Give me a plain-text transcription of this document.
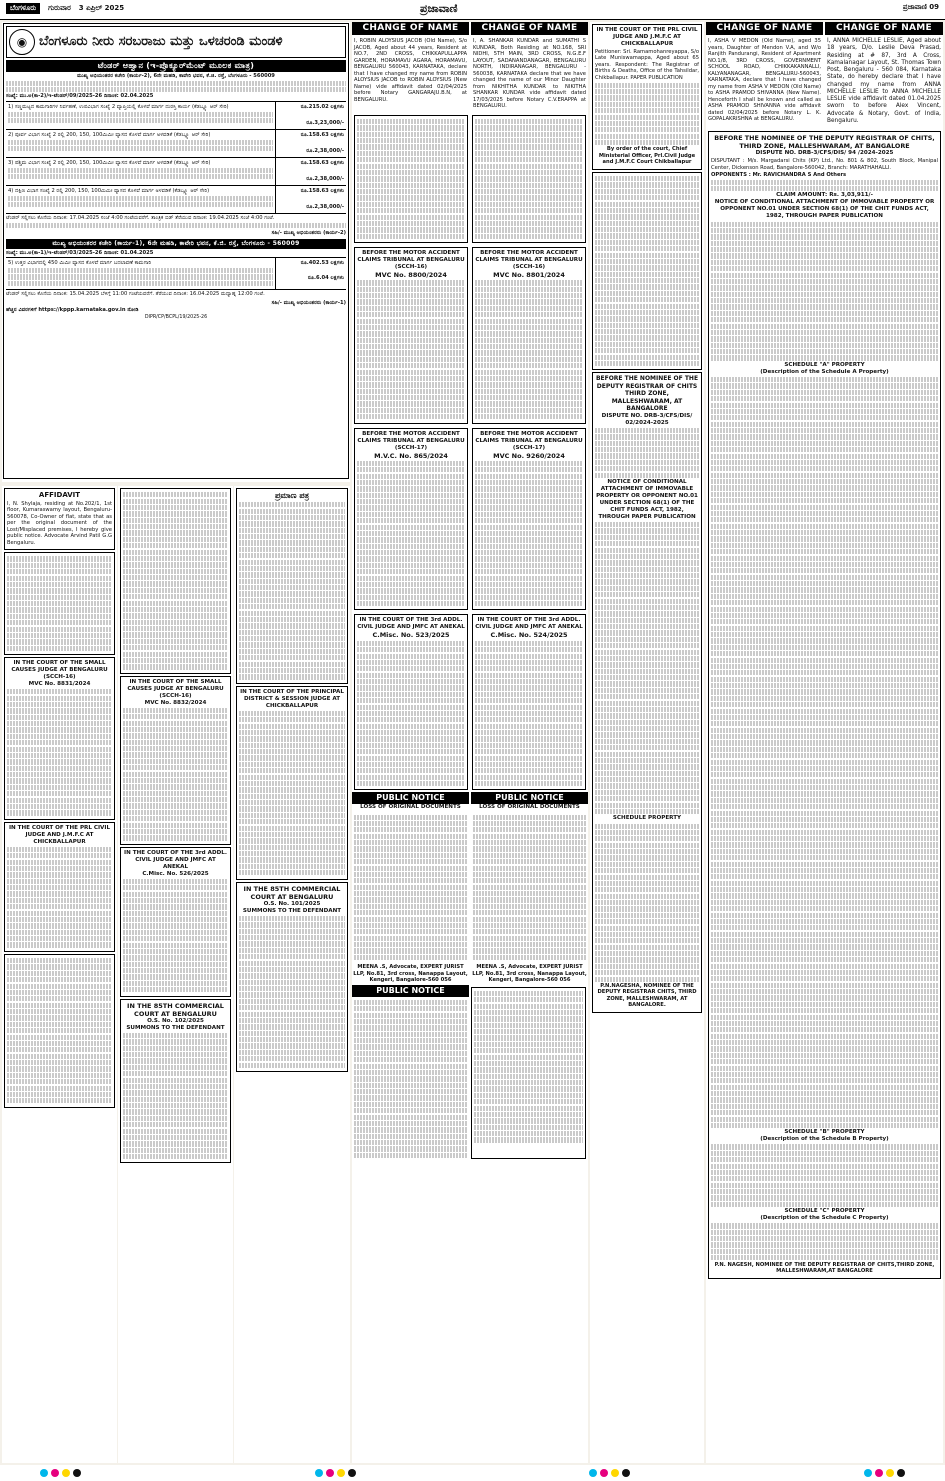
ಬೆಂಗಳೂರು	ಗುರುವಾರ 3 ಏಪ್ರಿಲ್ 2025	ಪ್ರಜಾವಾಣಿ	ಪ್ರಜಾವಾಣಿ 09
◉ ಬೆಂಗಳೂರು ನೀರು ಸರಬರಾಜು ಮತ್ತು ಒಳಚರಂಡಿ ಮಂಡಳಿ
ಟೆಂಡರ್ ಆಹ್ವಾನ (ಇ-ಪ್ರೊಕ್ಯೂರ್‌ಮೆಂಟ್ ಮೂಲಕ ಮಾತ್ರ)
ಮುಖ್ಯ ಅಭಿಯಂತರರ ಕಚೇರಿ (ಕಾರ್ಯ-2), 6ನೇ ಮಹಡಿ, ಕಾವೇರಿ ಭವನ, ಕೆ.ಜಿ. ರಸ್ತೆ, ಬೆಂಗಳೂರು - 560009
ಸಂಖ್ಯೆ: ಮು.ಅ(ಕಾ-2)/ಇ-ಟೆಂಡರ್/09/2025-26 ದಿನಾಂಕ: 02.04.2025
1) ಸಣ್ಣಮಟ್ಟದ ಕಾಮಗಾರಿಗಳ ನಿರ್ವಹಣೆ, ಉಪವಿಭಾಗ ಸಂಖ್ಯೆ 2 ವ್ಯಾಪ್ತಿಯಲ್ಲಿ ಕೊಳವೆ ಮಾರ್ಗ ದುರಸ್ತಿ ಕಾರ್ಯ (ಕೆಡಬ್ಲ್ಯೂ ಆರ್ ಸೇರಿ)	ರೂ.215.02 ಲಕ್ಷಗಳು
ರೂ.3,23,000/-
2) ಪೂರ್ವ ವಿಭಾಗ ಸಂಖ್ಯೆ 2 ರಲ್ಲಿ 200, 150, 100ಮಿಮೀ ವ್ಯಾಸದ ಕೊಳವೆ ಮಾರ್ಗ ಅಳವಡಿಕೆ (ಕೆಡಬ್ಲ್ಯೂ ಆರ್ ಸೇರಿ)	ರೂ.158.63 ಲಕ್ಷಗಳು
ರೂ.2,38,000/-
3) ಪಶ್ಚಿಮ ವಿಭಾಗ ಸಂಖ್ಯೆ 2 ರಲ್ಲಿ 200, 150, 100ಮಿಮೀ ವ್ಯಾಸದ ಕೊಳವೆ ಮಾರ್ಗ ಅಳವಡಿಕೆ (ಕೆಡಬ್ಲ್ಯೂ ಆರ್ ಸೇರಿ)	ರೂ.158.63 ಲಕ್ಷಗಳು
ರೂ.2,38,000/-
4) ದಕ್ಷಿಣ ವಿಭಾಗ ಸಂಖ್ಯೆ 2 ರಲ್ಲಿ 200, 150, 100ಮಿಮೀ ವ್ಯಾಸದ ಕೊಳವೆ ಮಾರ್ಗ ಅಳವಡಿಕೆ (ಕೆಡಬ್ಲ್ಯೂ ಆರ್ ಸೇರಿ)	ರೂ.158.63 ಲಕ್ಷಗಳು
ರೂ.2,38,000/-
ಟೆಂಡರ್ ಸಲ್ಲಿಸಲು ಕೊನೆಯ ದಿನಾಂಕ: 17.04.2025 ಸಂಜೆ 4:00 ಗಂಟೆಯವರೆಗೆ. ತಾಂತ್ರಿಕ ಬಿಡ್ ತೆರೆಯುವ ದಿನಾಂಕ: 19.04.2025 ಸಂಜೆ 4:00 ಗಂಟೆ.
ಸಹಿ/- ಮುಖ್ಯ ಅಭಿಯಂತರರು (ಕಾರ್ಯ-2)
ಮುಖ್ಯ ಅಭಿಯಂತರರ ಕಚೇರಿ (ಕಾರ್ಯ-1), 6ನೇ ಮಹಡಿ, ಕಾವೇರಿ ಭವನ, ಕೆ.ಜಿ. ರಸ್ತೆ, ಬೆಂಗಳೂರು - 560009
ಸಂಖ್ಯೆ: ಮು.ಅ(ಕಾ-1)/ಇ-ಟೆಂಡರ್/03/2025-26 ದಿನಾಂಕ: 01.04.2025
5) ಉತ್ತರ ವಿಭಾಗದಲ್ಲಿ 450 ಮಿಮೀ ವ್ಯಾಸದ ಕೊಳವೆ ಮಾರ್ಗ ಬದಲಾವಣೆ ಕಾಮಗಾರಿ	ರೂ.402.53 ಲಕ್ಷಗಳು
ರೂ.6.04 ಲಕ್ಷಗಳು
ಟೆಂಡರ್ ಸಲ್ಲಿಸಲು ಕೊನೆಯ ದಿನಾಂಕ: 15.04.2025 ಬೆಳಿಗ್ಗೆ 11:00 ಗಂಟೆಯವರೆಗೆ. ತೆರೆಯುವ ದಿನಾಂಕ: 16.04.2025 ಮಧ್ಯಾಹ್ನ 12:00 ಗಂಟೆ.
ಸಹಿ/- ಮುಖ್ಯ ಅಭಿಯಂತರರು (ಕಾರ್ಯ-1)
ಹೆಚ್ಚಿನ ವಿವರಗಳಿಗೆ https://kppp.karnataka.gov.in ನೋಡಿ
DIPR/CP/BCPL/19/2025-26
AFFIDAVIT
I, N. Shylaja, residing at No.202/1, 1st floor, Kumaraswamy layout, Bengaluru-560078, Co-Owner of flat, state that as per the original document of the Lost/Misplaced premises, I hereby give public notice. Advocate Arvind Patil G.G Bengaluru.
IN THE COURT OF THE SMALL CAUSES JUDGE AT BENGALURU (SCCH-16)
MVC No. 8831/2024
IN THE COURT OF THE PRL CIVIL JUDGE AND J.M.F.C AT CHICKBALLAPUR
IN THE COURT OF THE SMALL CAUSES JUDGE AT BENGALURU (SCCH-16)
MVC No. 8832/2024
IN THE COURT OF THE 3rd ADDL. CIVIL JUDGE AND JMFC AT ANEKAL
C.Misc. No. 526/2025
IN THE 85TH COMMERCIAL COURT AT BENGALURU
O.S. No. 102/2025
SUMMONS TO THE DEFENDANT
ಪ್ರಮಾಣ ಪತ್ರ
IN THE COURT OF THE PRINCIPAL DISTRICT & SESSION JUDGE AT CHICKBALLAPUR
IN THE 85TH COMMERCIAL COURT AT BENGALURU
O.S. No. 101/2025
SUMMONS TO THE DEFENDANT
CHANGE OF NAME
I, ROBIN ALOYSIUS JACOB (Old Name), S/o JACOB, Aged about 44 years, Resident at NO.7, 2ND CROSS, CHIKKAPULLAPPA GARDEN, HORAMAVU AGARA, HORAMAVU, BENGALURU 560043, KARNATAKA, declare that I have changed my name from ROBIN ALOYSIUS JACOB to ROBIN ALOYSIUS (New Name) vide affidavit dated 02/04/2025 before Notary GANGARAJU.B.N, at BENGALURU.
CHANGE OF NAME
I, A. SHANKAR KUNDAR and SUMATHI S KUNDAR, Both Residing at NO.168, SRI NIDHI, 5TH MAIN, 3RD CROSS, N.G.E.F LAYOUT, SADANANDANAGAR, BENGALURU NORTH, INDIRANAGAR, BENGALURU - 560038, KARNATAKA declare that we have changed the name of our Minor Daughter from NIKHITHA KUNDAR to NIKITHA SHANKAR KUNDAR vide affidavit dated 17/03/2025 before Notary C.V.ERAPPA at BENGALURU.
BEFORE THE MOTOR ACCIDENT CLAIMS TRIBUNAL AT BENGALURU (SCCH-16)
MVC No. 8800/2024
BEFORE THE MOTOR ACCIDENT CLAIMS TRIBUNAL AT BENGALURU (SCCH-16)
MVC No. 8801/2024
BEFORE THE MOTOR ACCIDENT CLAIMS TRIBUNAL AT BENGALURU (SCCH-17)
M.V.C. No. 865/2024
BEFORE THE MOTOR ACCIDENT CLAIMS TRIBUNAL AT BENGALURU (SCCH-17)
MVC No. 9260/2024
IN THE COURT OF THE 3rd ADDL. CIVIL JUDGE AND JMFC AT ANEKAL
C.Misc. No. 523/2025
IN THE COURT OF THE 3rd ADDL. CIVIL JUDGE AND JMFC AT ANEKAL
C.Misc. No. 524/2025
PUBLIC NOTICE
LOSS OF ORIGINAL DOCUMENTS
MEENA .S, Advocate, EXPERT JURIST LLP, No.81, 3rd cross, Nanappa Layout, Kengeri, Bangalore-560 056
PUBLIC NOTICE
LOSS OF ORIGINAL DOCUMENTS
MEENA .S, Advocate, EXPERT JURIST LLP, No.81, 3rd cross, Nanappa Layout, Kengeri, Bangalore-560 056
PUBLIC NOTICE
IN THE COURT OF THE PRL CIVIL JUDGE AND J.M.F.C AT CHICKBALLAPUR
Petitioner: Sri. Ramamohanreyappa, S/o Late Muniswamappa, Aged about 65 years. Respondent: The Registrar of Births & Deaths, Office of the Tahsildar, Chikballapur. PAPER PUBLICATION
By order of the court, Chief Ministerial Officer, Prl.Civil Judge and J.M.F.C Court Chikballapur
BEFORE THE NOMINEE OF THE DEPUTY REGISTRAR OF CHITS THIRD ZONE, MALLESHWARAM, AT BANGALORE
DISPUTE NO. DRB-3/CFS/DIS/ 02/2024-2025
NOTICE OF CONDITIONAL ATTACHMENT OF IMMOVABLE PROPERTY OR OPPONENT NO.01 UNDER SECTION 68(1) OF THE CHIT FUNDS ACT, 1982, THROUGH PAPER PUBLICATION
SCHEDULE PROPERTY
P.N.NAGESHA, NOMINEE OF THE DEPUTY REGISTRAR CHITS, THIRD ZONE, MALLESHWARAM, AT BANGALORE.
CHANGE OF NAME
I, ASHA V MEDON (Old Name), aged 35 years, Daughter of Mendon V.A, and W/o Ranjith Pandurangi, Resident of Apartment NO.1/8, 3RD CROSS, GOVERNMENT SCHOOL ROAD, CHIKKAKANNALLI, KALYANANAGAR, BENGALURU-560043, KARNATAKA, declare that I have changed my name from ASHA V MEDON (Old Name) to ASHA PRAMOD SHIVANNA (New Name). Henceforth I shall be known and called as ASHA PRAMOD SHIVANNA vide affidavit dated 02/04/2025 before Notary L. K. GOPALAKRISHNA at BENGALURU.
CHANGE OF NAME
I, ANNA MICHELLE LESLIE, Aged about 18 years, D/o. Leslie Deva Prasad, Residing at # 87, 3rd A Cross, Kamalanagar Layout, St. Thomas Town Post, Bengaluru - 560 084, Karnataka State, do hereby declare that I have changed my name from ANNA MICHELLE LESLIE to ANNA MICHELLE LESLIE vide affidavit dated 01.04.2025 sworn to before Alex Vincent, Advocate & Notary, Govt. of India, Bengaluru.
BEFORE THE NOMINEE OF THE DEPUTY REGISTRAR OF CHITS, THIRD ZONE, MALLESHWARAM, AT BANGALORE
DISPUTE NO. DRB-3/CFS/DIS/ 94 /2024-2025
DISPUTANT : M/s. Margadarsi Chits (KP) Ltd., No. 801 & 802, South Block, Manipal Center, Dickenson Road, Bangalore-560042, Branch: MARATHAHALLI.
OPPONENTS : Mr. RAVICHANDRA S And Others
CLAIM AMOUNT: Rs. 3,03,911/-
NOTICE OF CONDITIONAL ATTACHMENT OF IMMOVABLE PROPERTY OR OPPONENT NO.01 UNDER SECTION 68(1) OF THE CHIT FUNDS ACT, 1982, THROUGH PAPER PUBLICATION
SCHEDULE "A" PROPERTY
(Description of the Schedule A Property)
SCHEDULE "B" PROPERTY
(Description of the Schedule B Property)
SCHEDULE "C" PROPERTY
(Description of the Schedule C Property)
P.N. NAGESH, NOMINEE OF THE DEPUTY REGISTRAR OF CHITS,THIRD ZONE, MALLESHWARAM,AT BANGALORE
